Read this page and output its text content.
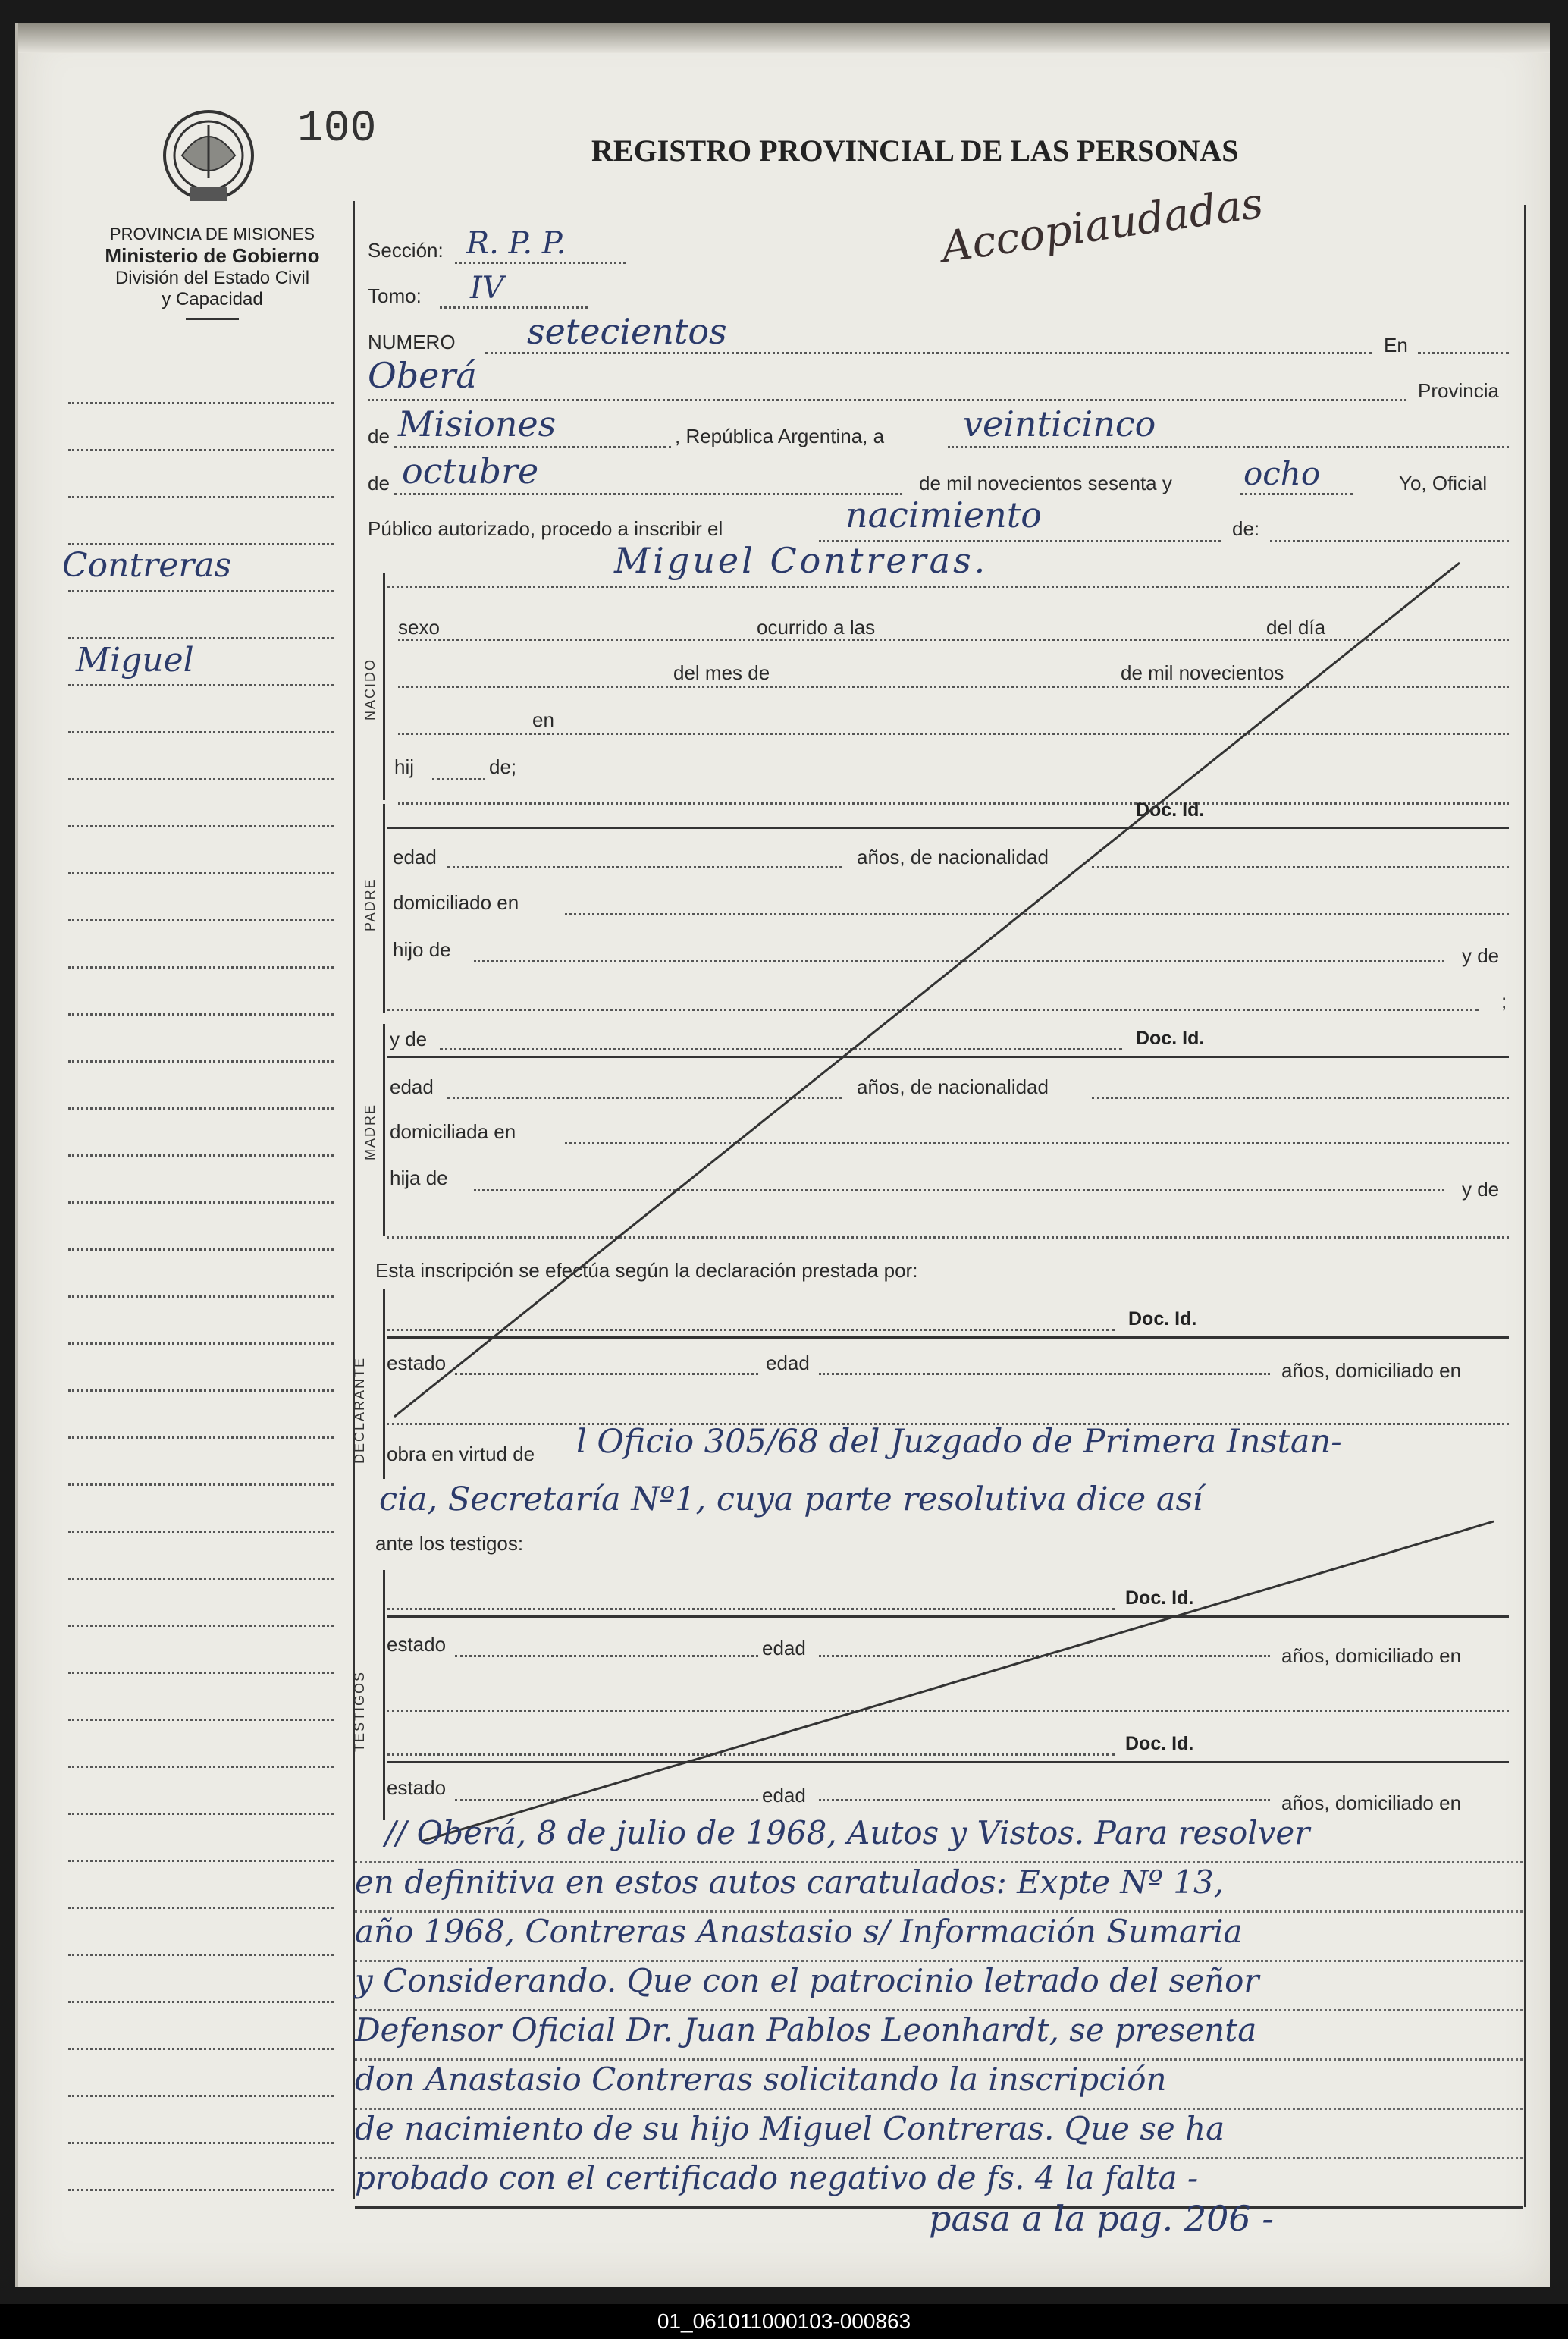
100	REGISTRO PROVINCIAL DE LAS PERSONAS
PROVINCIA DE MISIONES
Ministerio de Gobierno
División del Estado Civil
y Capacidad
Accopiaudadas
Contreras
Miguel
Sección: R. P. P.
Tomo: IV
NUMERO setecientos	En
Oberá	Provincia
de Misiones	, República Argentina, a veinticinco
de octubre	de mil novecientos sesenta y ocho	Yo, Oficial
Público autorizado, procedo a inscribir el	nacimiento	de:
Miguel Contreras.
NACIDO
sexo	ocurrido a las	del día
del mes de	de mil novecientos
en
hij	de;
PADRE
Doc. Id.
edad	años, de nacionalidad
domiciliado en
hijo de	y de
;
MADRE
y de	Doc. Id.
edad	años, de nacionalidad
domiciliada en
hija de	y de
Esta inscripción se efectúa según la declaración prestada por:
DECLARANTE
Doc. Id.
estado	edad	años, domiciliado en
obra en virtud de l Oficio 305/68 del Juzgado de Primera Instan-
cia, Secretaría Nº1, cuya parte resolutiva dice así
ante los testigos:
TESTIGOS
Doc. Id.
estado	edad	años, domiciliado en
Doc. Id.
estado	edad	años, domiciliado en
// Oberá, 8 de julio de 1968, Autos y Vistos. Para resolver
en definitiva en estos autos caratulados: Expte Nº 13,
año 1968, Contreras Anastasio s/ Información Sumaria
y Considerando. Que con el patrocinio letrado del señor
Defensor Oficial Dr. Juan Pablos Leonhardt, se presenta
don Anastasio Contreras solicitando la inscripción
de nacimiento de su hijo Miguel Contreras. Que se ha
probado con el certificado negativo de fs. 4 la falta -
pasa a la pag. 206 -
01_061011000103-000863
